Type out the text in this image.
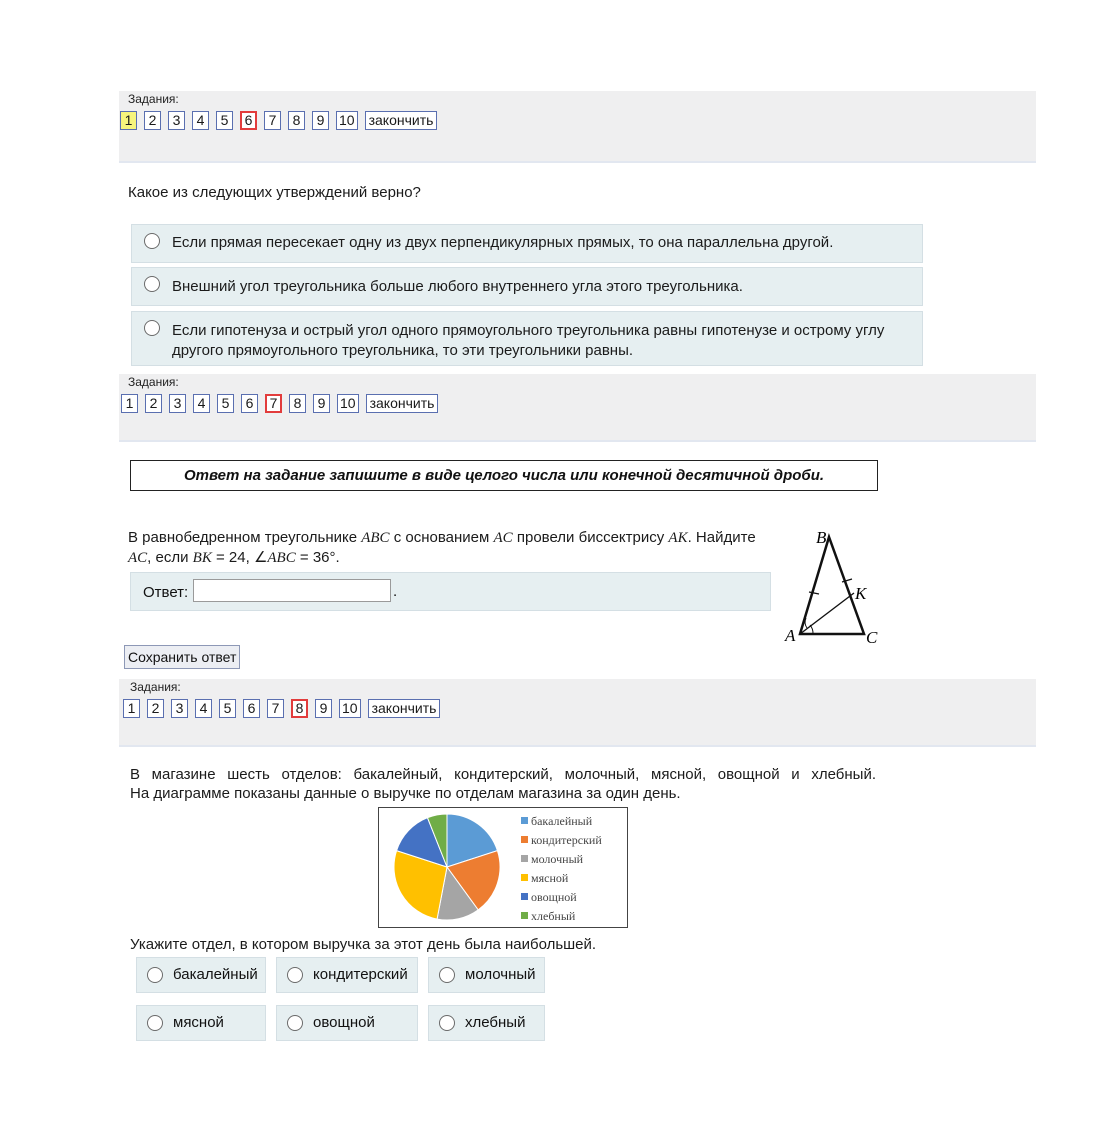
Задания:
1	2	3	4	5	6	7	8	9	10 закончить
Какое из следующих утверждений верно?
Если прямая пересекает одну из двух перпендикулярных прямых, то она параллельна другой.
Внешний угол треугольника больше любого внутреннего угла этого треугольника.
Если гипотенуза и острый угол одного прямоугольного треугольника равны гипотенузе и острому углу другого прямоугольного треугольника, то эти треугольники равны.
Задания:
1	2	3	4	5	6	7	8	9	10 закончить
Ответ на задание запишите в виде целого числа или конечной десятичной дроби.
В равнобедренном треугольнике ABC с основанием AC провели биссектрису AK. Найдите
AC, если BK = 24, ∠ABC = 36°.
Ответ:	.
B
K
A	C
Сохранить ответ
Задания:
1	2	3	4	5	6	7	8	9	10 закончить
В магазине шесть отделов: бакалейный, кондитерский, молочный, мясной, овощной и хлебный.
На диаграмме показаны данные о выручке по отделам магазина за один день.
бакалейный
кондитерский
молочный
мясной
овощной
хлебный
Укажите отдел, в котором выручка за этот день была наибольшей.
бакалейный	кондитерский	молочный
мясной	овощной	хлебный
